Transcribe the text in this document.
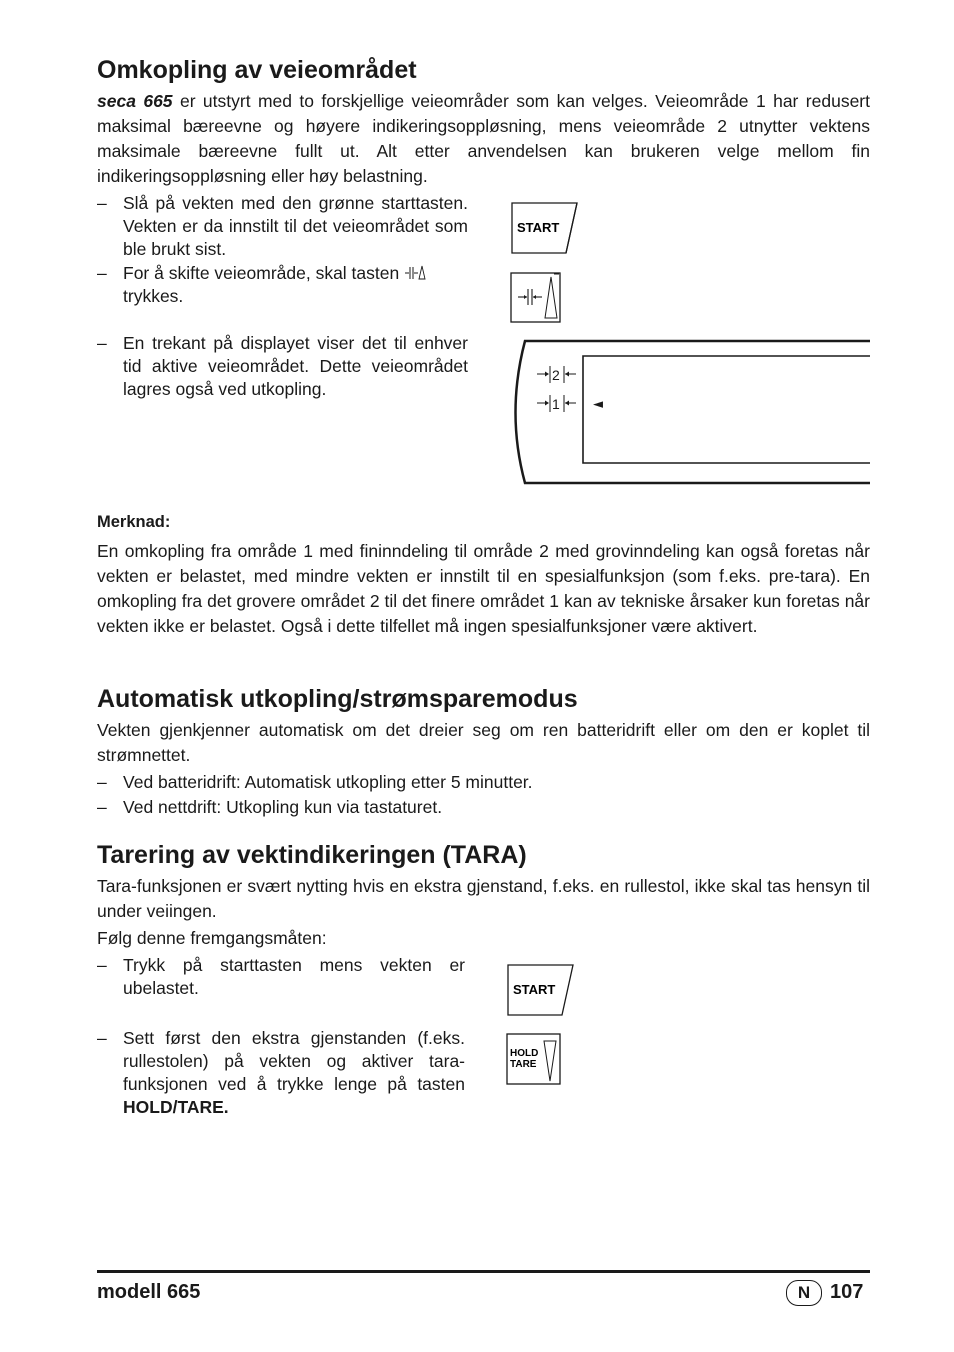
Omkopling av veieområdet

seca 665 er utstyrt med to forskjellige veieområder som kan velges. Veieområde 1 har redusert maksimal bæreevne og høyere indikeringsoppløsning, mens veieområde 2 utnytter vektens maksimale bæreevne fullt ut. Alt etter anvendelsen kan brukeren velge mellom fin indikeringsoppløsning eller høy belastning.

– Slå på vekten med den grønne starttasten. Vekten er da innstilt til det veieområdet som ble brukt sist.
– For å skifte veieområde, skal tasten
trykkes.
– En trekant på displayet viser det til enhver tid aktive veieområdet. Dette veieområdet lagres også ved utkopling.
START
2
1	◄
Merknad:

En omkopling fra område 1 med fininndeling til område 2 med grovinndeling kan også foretas når vekten er belastet, med mindre vekten er innstilt til en spesialfunksjon (som f.eks. pre-tara). En omkopling fra det grovere området 2 til det finere området 1 kan av tekniske årsaker kun foretas når vekten ikke er belastet. Også i dette tilfellet må ingen spesialfunksjoner være aktivert.

Automatisk utkopling/strømsparemodus

Vekten gjenkjenner automatisk om det dreier seg om ren batteridrift eller om den er koplet til strømnettet.

– Ved batteridrift: Automatisk utkopling etter 5 minutter.
– Ved nettdrift: Utkopling kun via tastaturet.
Tarering av vektindikeringen (TARA)

Tara-funksjonen er svært nytting hvis en ekstra gjenstand, f.eks. en rullestol, ikke skal tas hensyn til under veiingen.

Følg denne fremgangsmåten:

– Trykk på starttasten mens vekten er ubelastet.
– Sett først den ekstra gjenstanden (f.eks. rullestolen) på vekten og aktiver tara-funksjonen ved å trykke lenge på tasten HOLD/TARE.
START
HOLD
TARE
modell 665	N 107
